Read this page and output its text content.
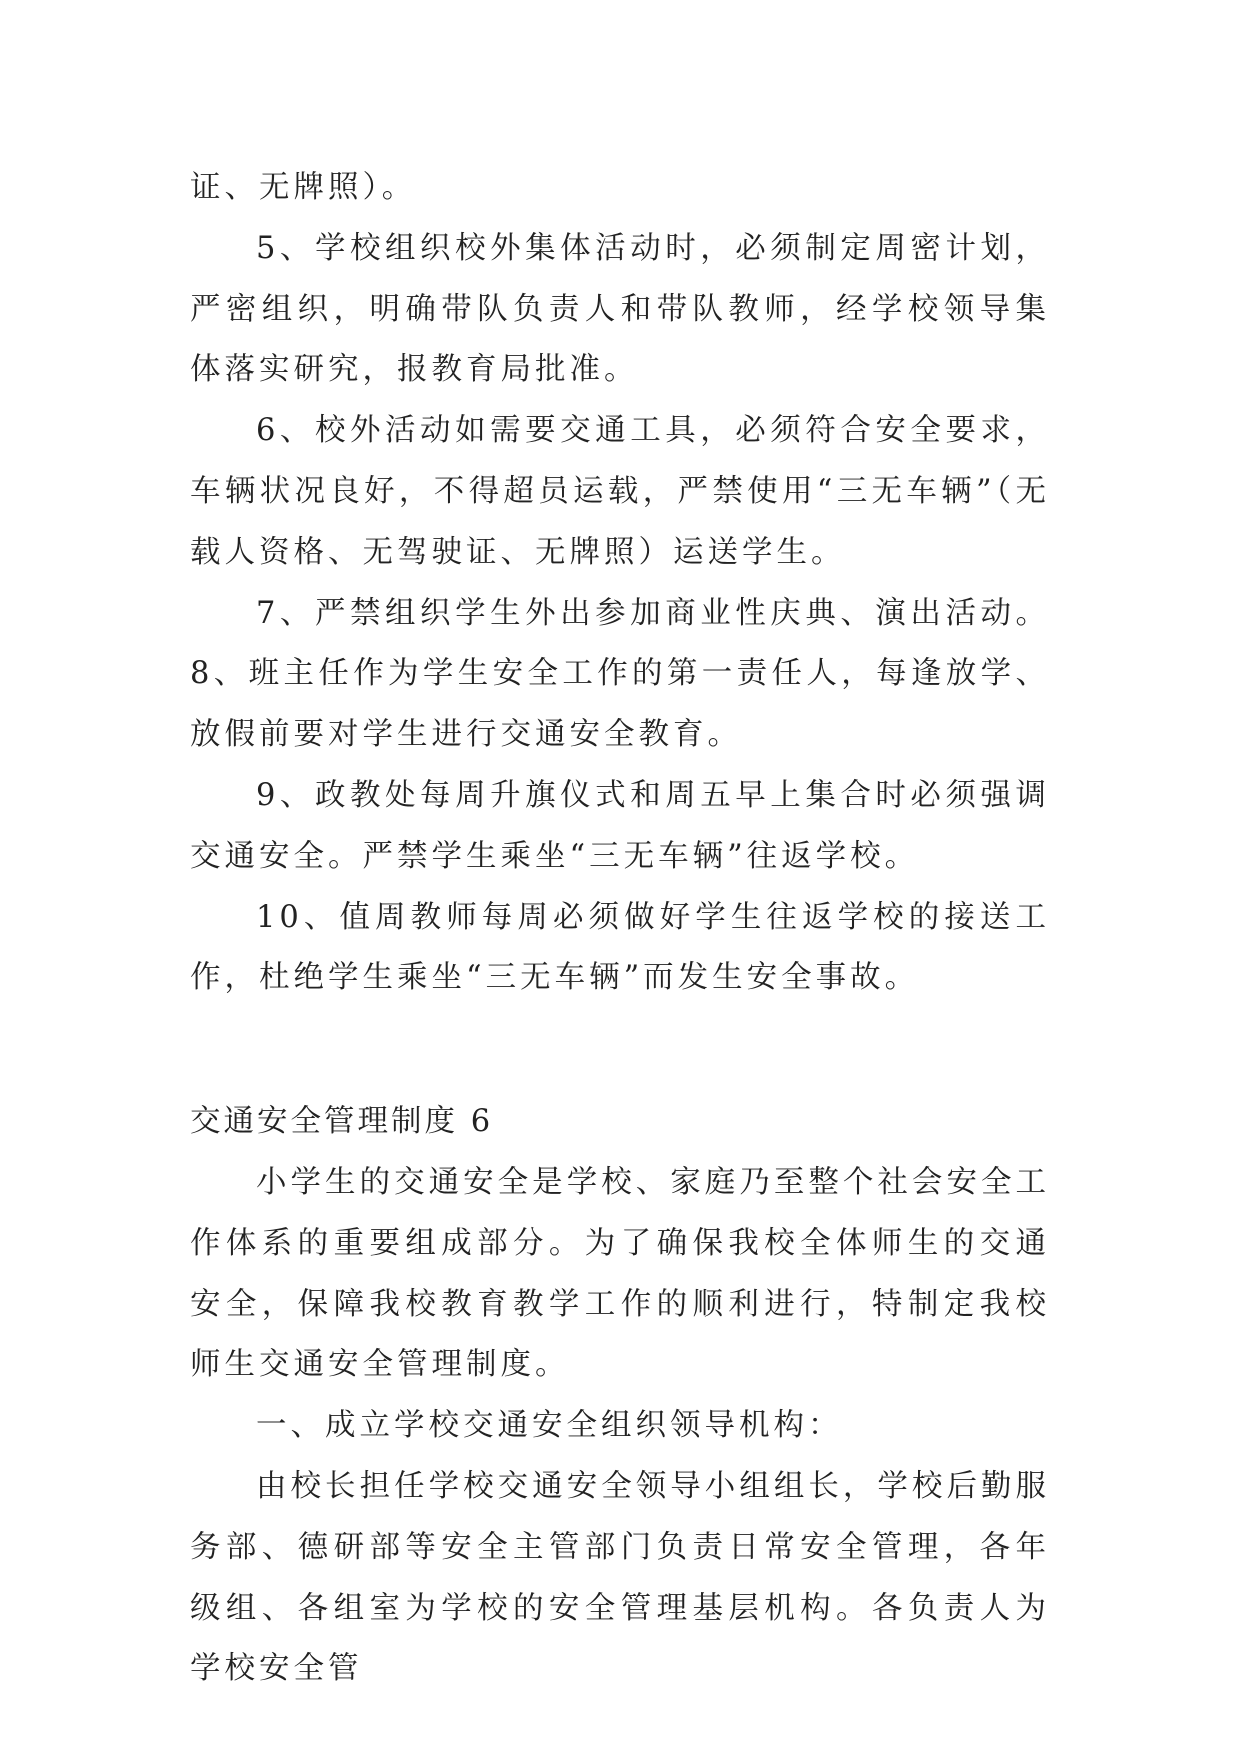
证、无牌照）。

5、学校组织校外集体活动时，必须制定周密计划，严密组织，明确带队负责人和带队教师，经学校领导集体落实研究，报教育局批准。

6、校外活动如需要交通工具，必须符合安全要求，车辆状况良好，不得超员运载，严禁使用“三无车辆”（无载人资格、无驾驶证、无牌照）运送学生。

7、严禁组织学生外出参加商业性庆典、演出活动。 8、班主任作为学生安全工作的第一责任人，每逢放学、放假前要对学生进行交通安全教育。

9、政教处每周升旗仪式和周五早上集合时必须强调交通安全。严禁学生乘坐“三无车辆”往返学校。

10、值周教师每周必须做好学生往返学校的接送工作，杜绝学生乘坐“三无车辆”而发生安全事故。

交通安全管理制度 6

小学生的交通安全是学校、家庭乃至整个社会安全工作体系的重要组成部分。为了确保我校全体师生的交通安全，保障我校教育教学工作的顺利进行，特制定我校师生交通安全管理制度。

一、成立学校交通安全组织领导机构：

由校长担任学校交通安全领导小组组长，学校后勤服务部、德研部等安全主管部门负责日常安全管理，各年级组、各组室为学校的安全管理基层机构。各负责人为学校安全管
